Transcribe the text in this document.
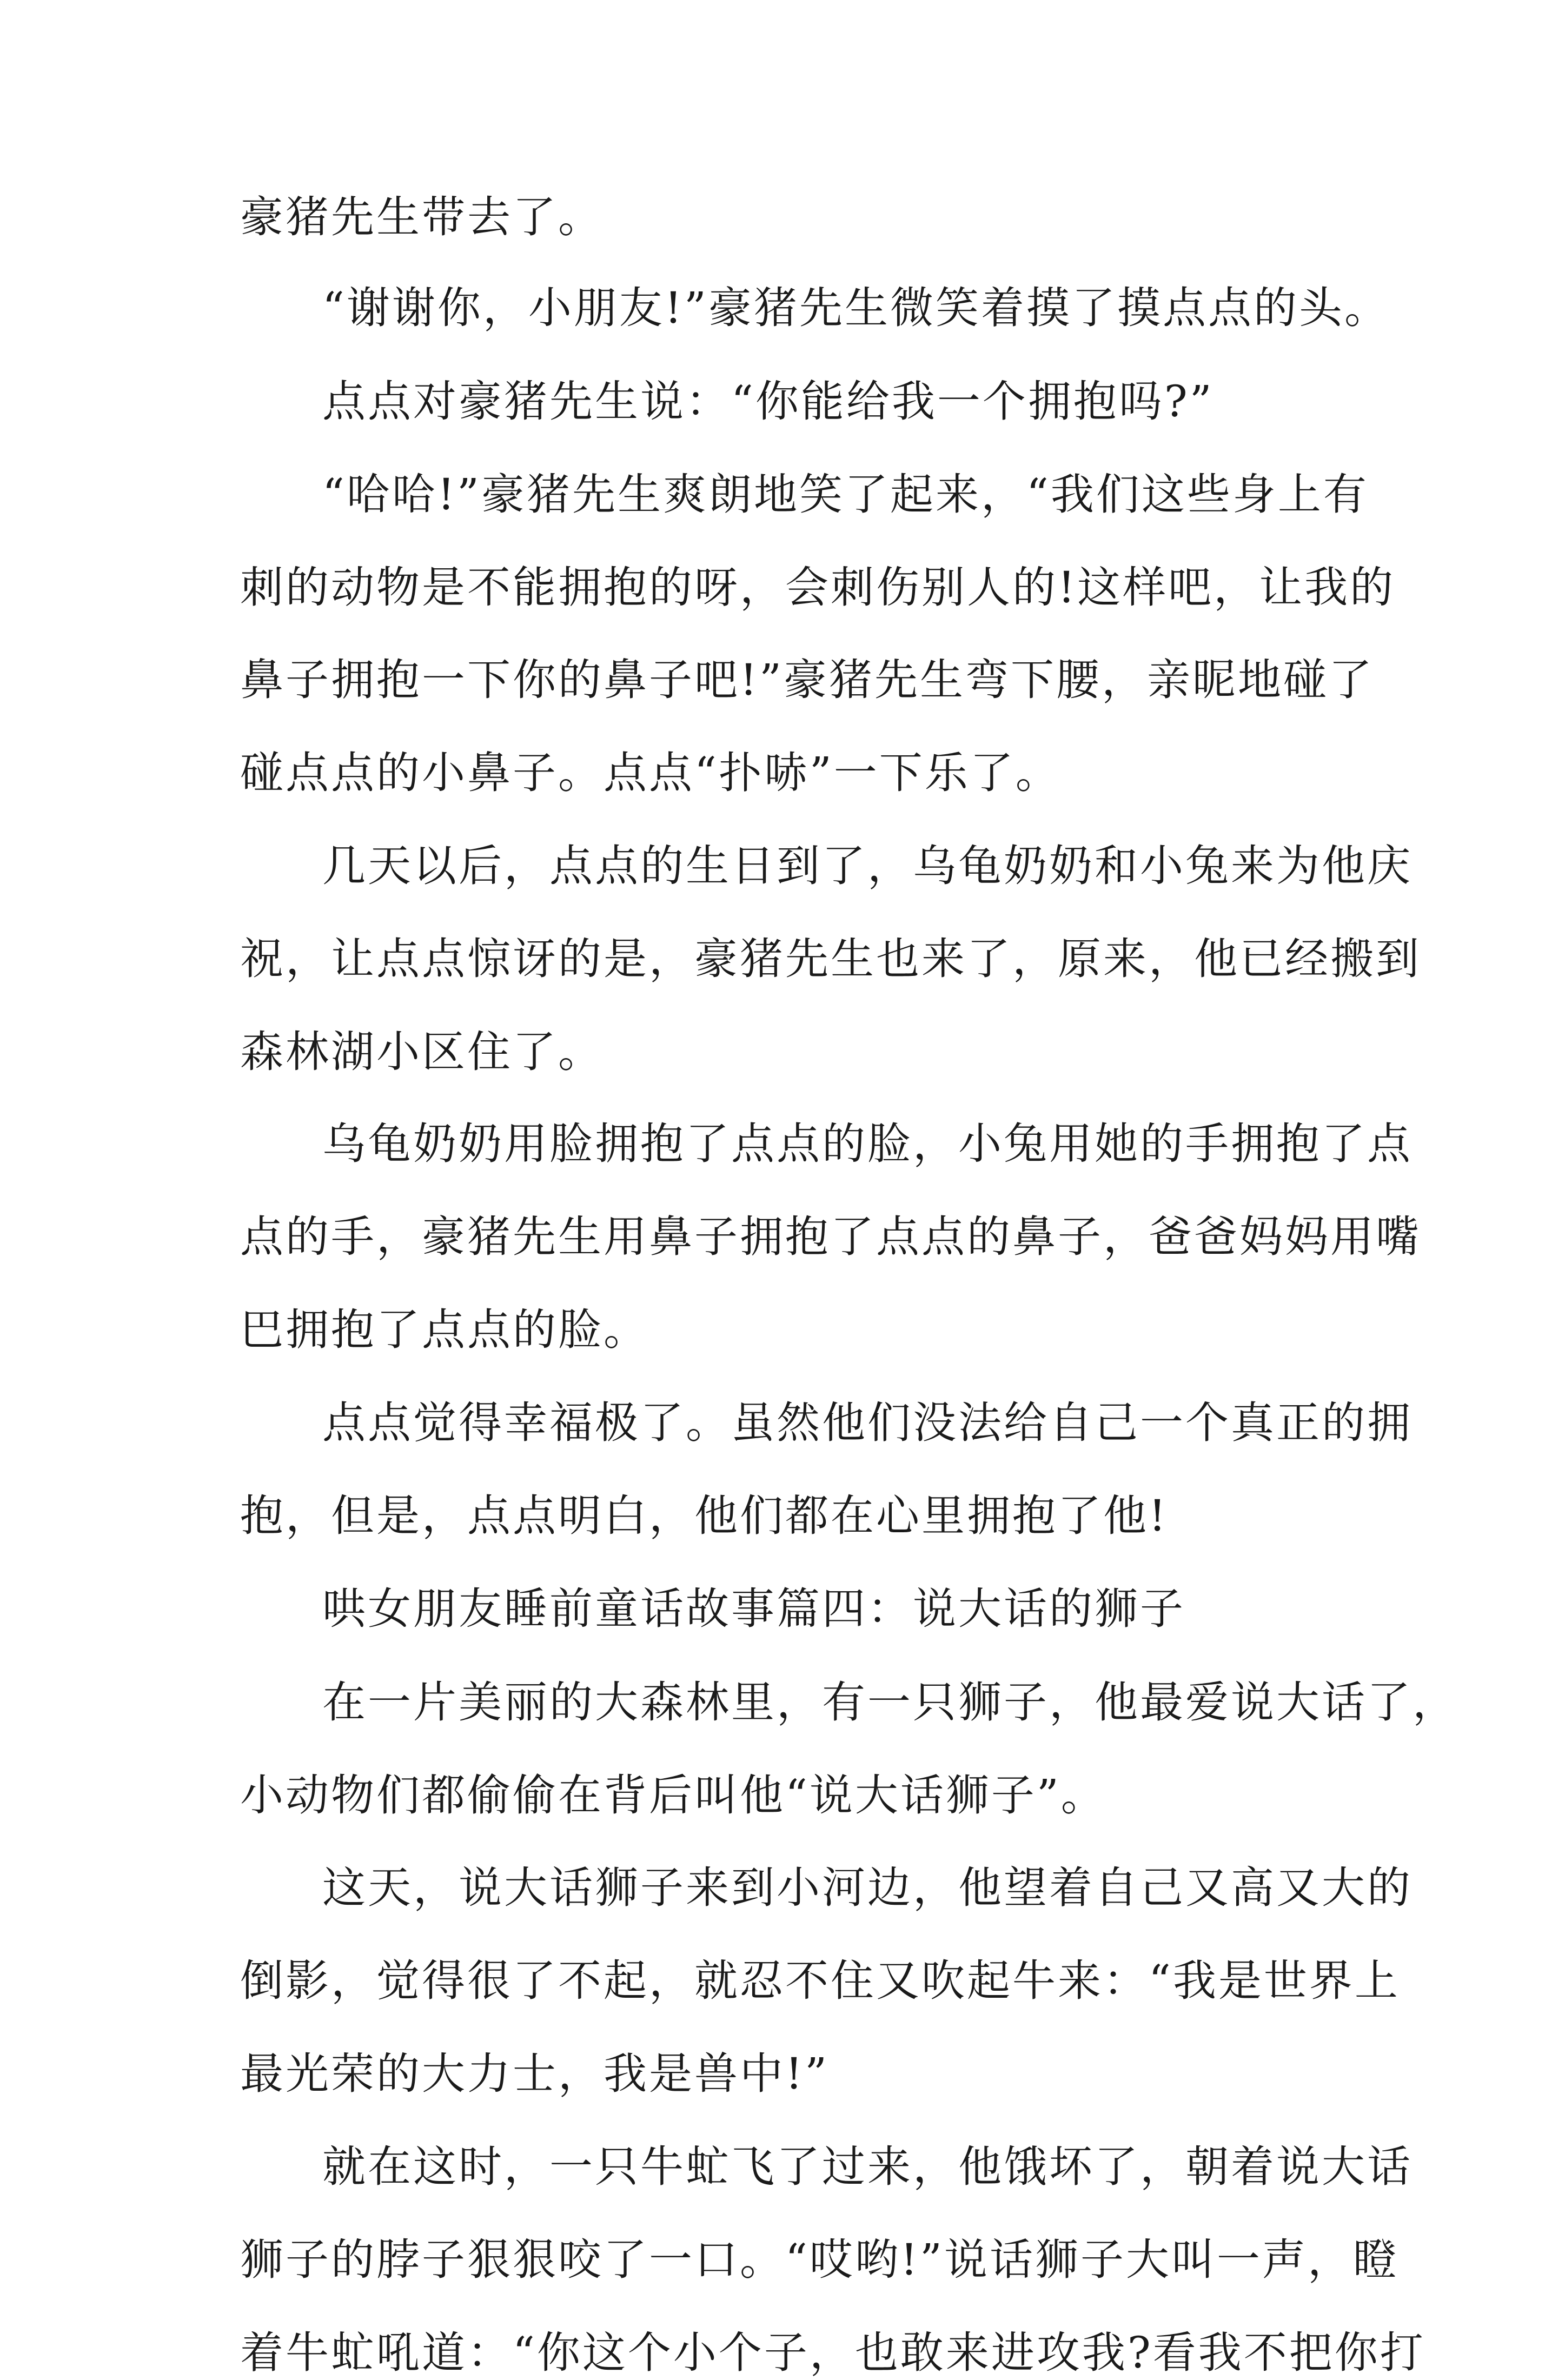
豪猪先生带去了。
“谢谢你，小朋友!”豪猪先生微笑着摸了摸点点的头。
点点对豪猪先生说：“你能给我一个拥抱吗?”
“哈哈!”豪猪先生爽朗地笑了起来，“我们这些身上有
刺的动物是不能拥抱的呀，会刺伤别人的!这样吧，让我的
鼻子拥抱一下你的鼻子吧!”豪猪先生弯下腰，亲昵地碰了
碰点点的小鼻子。点点“扑哧”一下乐了。
几天以后，点点的生日到了，乌龟奶奶和小兔来为他庆
祝，让点点惊讶的是，豪猪先生也来了，原来，他已经搬到
森林湖小区住了。
乌龟奶奶用脸拥抱了点点的脸，小兔用她的手拥抱了点
点的手，豪猪先生用鼻子拥抱了点点的鼻子，爸爸妈妈用嘴
巴拥抱了点点的脸。
点点觉得幸福极了。虽然他们没法给自己一个真正的拥
抱，但是，点点明白，他们都在心里拥抱了他!
哄女朋友睡前童话故事篇四：说大话的狮子
在一片美丽的大森林里，有一只狮子，他最爱说大话了，
小动物们都偷偷在背后叫他“说大话狮子”。
这天，说大话狮子来到小河边，他望着自己又高又大的
倒影，觉得很了不起，就忍不住又吹起牛来：“我是世界上
最光荣的大力士，我是兽中!”
就在这时，一只牛虻飞了过来，他饿坏了，朝着说大话
狮子的脖子狠狠咬了一口。“哎哟!”说话狮子大叫一声，瞪
着牛虻吼道：“你这个小个子，也敢来进攻我?看我不把你打
